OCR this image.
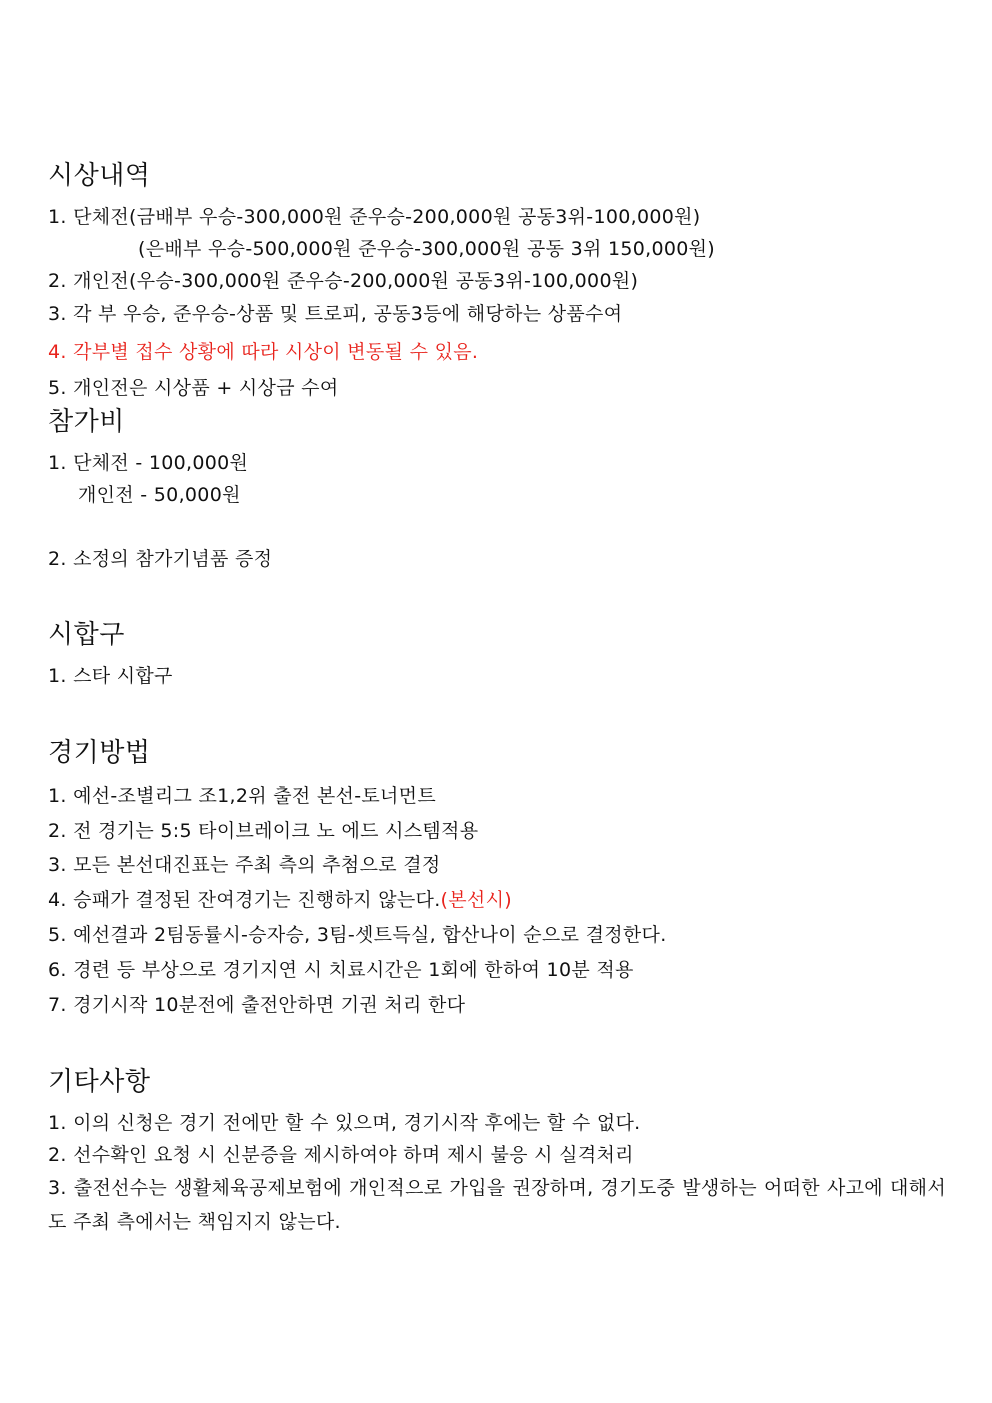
시상내역
1. 단체전(금배부 우승-300,000원 준우승-200,000원 공동3위-100,000원)
(은배부 우승-500,000원 준우승-300,000원 공동 3위 150,000원)
2. 개인전(우승-300,000원 준우승-200,000원 공동3위-100,000원)
3. 각 부 우승, 준우승-상품 및 트로피, 공동3등에 해당하는 상품수여
4. 각부별 접수 상황에 따라 시상이 변동될 수 있음.
5. 개인전은 시상품 + 시상금 수여
참가비
1. 단체전 - 100,000원
개인전 - 50,000원
2. 소정의 참가기념품 증정
시합구
1. 스타 시합구
경기방법
1. 예선-조별리그 조1,2위 출전 본선-토너먼트
2. 전 경기는 5:5 타이브레이크 노 에드 시스템적용
3. 모든 본선대진표는 주최 측의 추첨으로 결정
4. 승패가 결정된 잔여경기는 진행하지 않는다.(본선시)
5. 예선결과 2팀동률시-승자승, 3팀-셋트득실, 합산나이 순으로 결정한다.
6. 경련 등 부상으로 경기지연 시 치료시간은 1회에 한하여 10분 적용
7. 경기시작 10분전에 출전안하면 기권 처리 한다
기타사항
1. 이의 신청은 경기 전에만 할 수 있으며, 경기시작 후에는 할 수 없다.
2. 선수확인 요청 시 신분증을 제시하여야 하며 제시 불응 시 실격처리
3. 출전선수는 생활체육공제보험에 개인적으로 가입을 권장하며, 경기도중 발생하는 어떠한 사고에 대해서도 주최 측에서는 책임지지 않는다.
